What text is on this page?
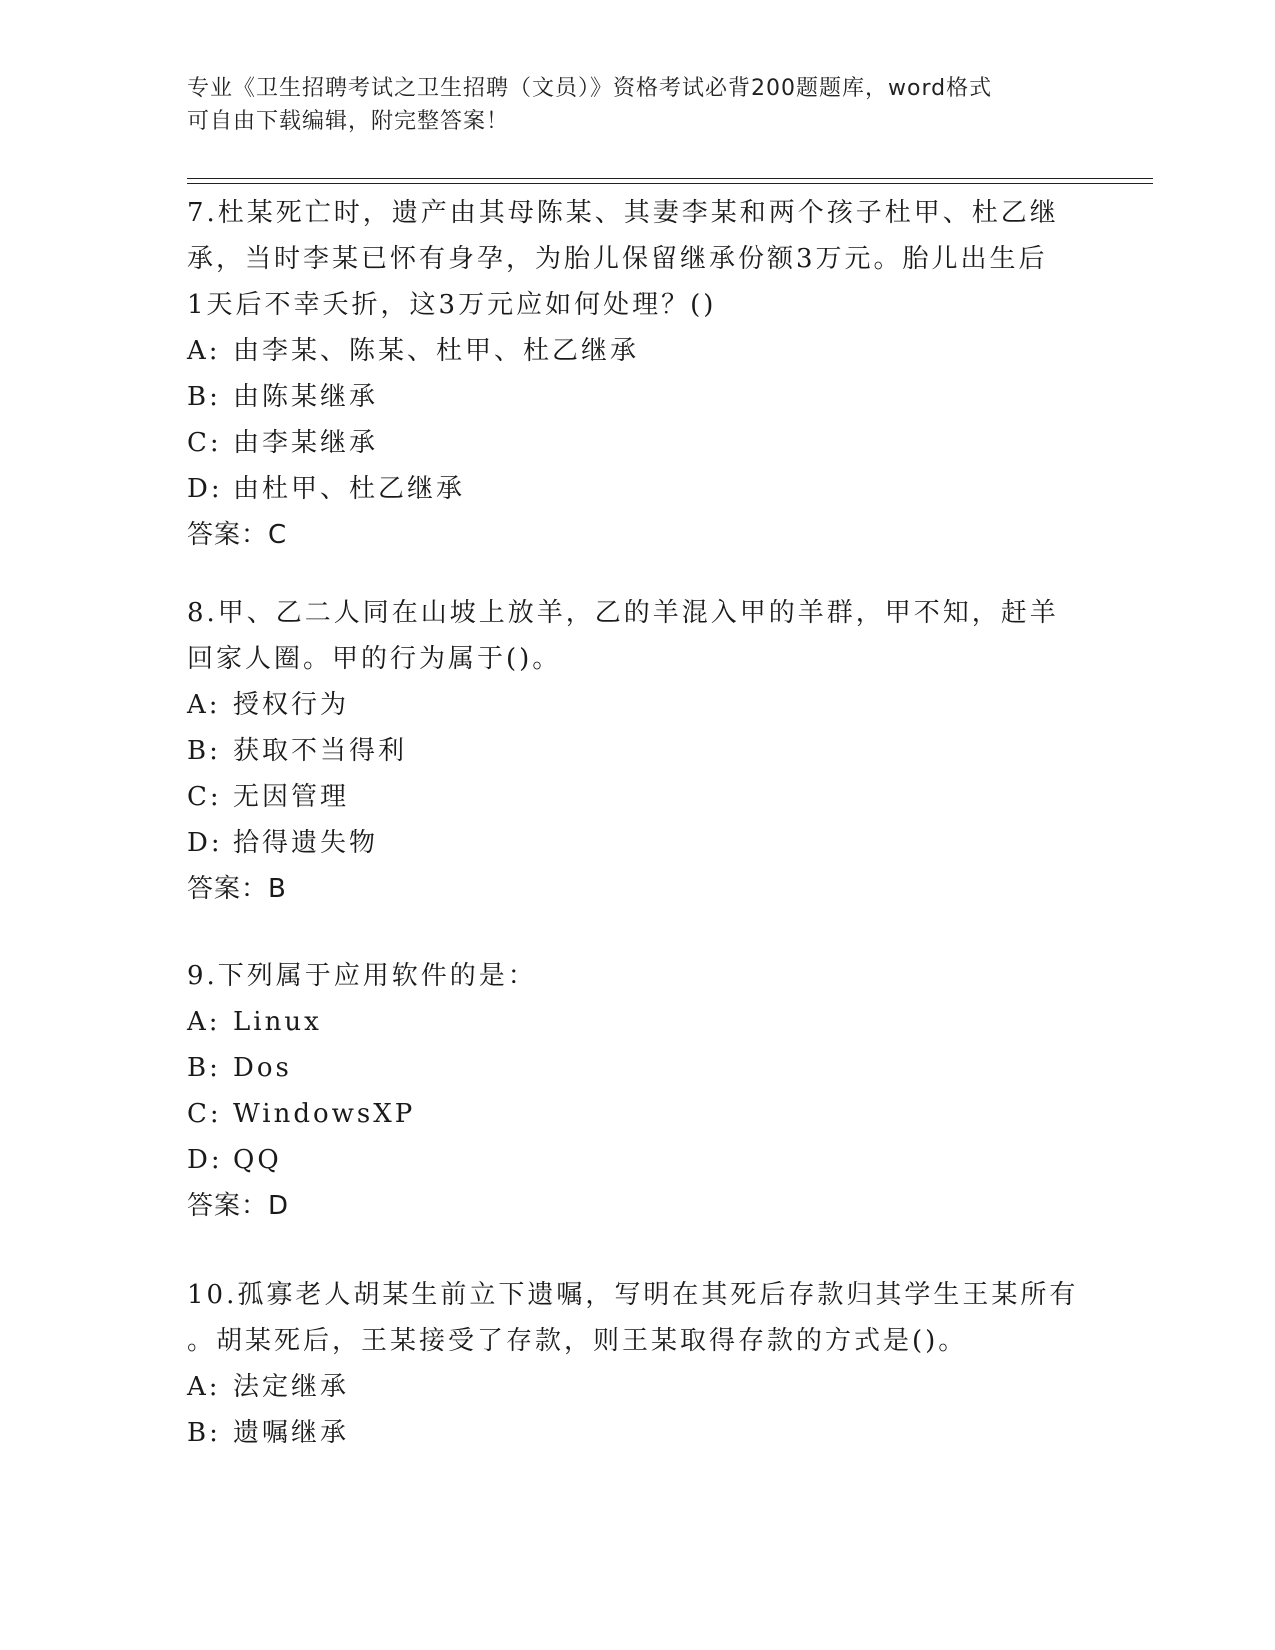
专业《卫生招聘考试之卫生招聘（文员）》资格考试必背200题题库，word格式
可自由下载编辑，附完整答案！

7.杜某死亡时，遗产由其母陈某、其妻李某和两个孩子杜甲、杜乙继

承，当时李某已怀有身孕，为胎儿保留继承份额3万元。胎儿出生后

1天后不幸夭折，这3万元应如何处理？()

A: 由李某、陈某、杜甲、杜乙继承

B: 由陈某继承

C: 由李某继承

D: 由杜甲、杜乙继承

答案：C

8.甲、乙二人同在山坡上放羊，乙的羊混入甲的羊群，甲不知，赶羊

回家人圈。甲的行为属于()。

A: 授权行为

B: 获取不当得利

C: 无因管理

D: 拾得遗失物

答案：B

9.下列属于应用软件的是：

A: Linux

B: Dos

C: WindowsXP

D: QQ

答案：D

10.孤寡老人胡某生前立下遗嘱，写明在其死后存款归其学生王某所有

。胡某死后，王某接受了存款，则王某取得存款的方式是()。

A: 法定继承

B: 遗嘱继承
